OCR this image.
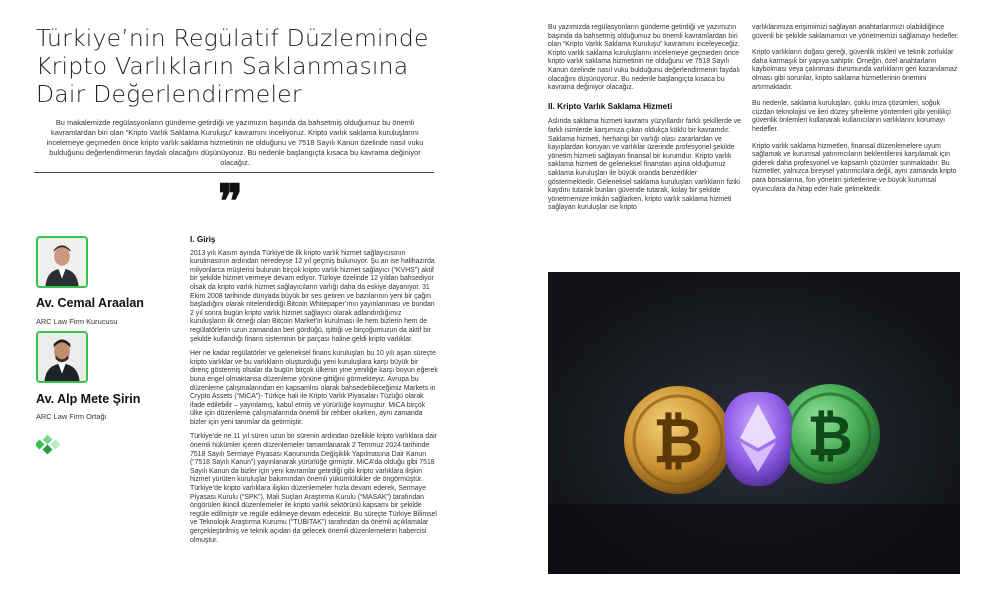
Türkiye’nin Regülatif Düzleminde Kripto Varlıkların Saklanmasına Dair Değerlendirmeler

Bu makalemizde regülasyonların gündeme getirdiği ve yazımızın başında da bahsetmiş olduğumuz bu önemli kavramlardan biri olan “Kripto Varlık Saklama Kuruluşu” kavramını inceliyoruz. Kripto varlık saklama kuruluşlarını incelemeye geçmeden önce kripto varlık saklama hizmetinin ne olduğunu ve 7518 Sayılı Kanun özelinde nasıl vuku bulduğunu değerlendirmenin faydalı olacağını düşünüyoruz. Bu nedenle başlangıçta kısaca bu kavrama değiniyor olacağız.

❞
Av. Cemal Araalan
ARC Law Firm Kurucusu
Av. Alp Mete Şirin
ARC Law Firm Ortağı
I. Giriş

2013 yılı Kasım ayında Türkiye’de ilk kripto varlık hizmet sağlayıcısının kurulmasının ardından neredeyse 12 yıl geçmiş bulunuyor. Şu an ise halihazırda milyonlarca müşterisi bulunan birçok kripto varlık hizmet sağlayıcı (“KVHS”) aktif bir şekilde hizmet vermeye devam ediyor. Türkiye özelinde 12 yıldan bahsediyor olsak da kripto varlık hizmet sağlayıcıların varlığı daha da eskiye dayanıyor. 31 Ekim 2008 tarihinde dünyada büyük bir ses getiren ve bazılarının yeni bir çağın başladığını olarak nitelendirdiği Bitcoin Whitepaper’ının yayınlanması ve bundan 2 yıl sonra bugün kripto varlık hizmet sağlayıcı olarak adlandırdığımız kuruluşların ilk örneği olan Bitcoin Market’in kurulması ile hem bizlerin hem de regülatörlerin uzun zamandan beri gördüğü, işittiği ve birçoğumuzun da aktif bir şekilde kullandığı finans sisteminin bir parçası haline geldi kripto varlıklar.

Her ne kadar regülatörler ve geleneksel finans kuruluşları bu 10 yılı aşan süreçte kripto varlıklar ve bu varlıkların oluşturduğu yeni kuruluşlara karşı büyük bir direnç göstermiş olsalar da bugün birçok ülkenin yine yeniliğe karşı boyun eğerek buna engel olmaktansa düzenleme yönüne gittiğini görmekteyiz. Avrupa bu düzenleme çalışmalarından en kapsamlısı olarak bahsedebileceğimiz Markets in Crypto Assets (“MiCA”)- Türkçe hali ile Kripto Varlık Piyasaları Tüzüğü olarak ifade edilebilir – yayınlamış, kabul etmiş ve yürürlüğe koymuştur. MiCA birçok ülke için düzenleme çalışmalarında önemli bir rehber olurken, aynı zamanda bizler için yeni tanımlar da getirmiştir.

Türkiye’de ne 11 yıl süren uzun bir sürenin ardından özellikle kripto varlıklara dair önemli hükümler içeren düzenlemeler tamamlanarak 2 Temmuz 2024 tarihinde 7518 Sayılı Sermaye Piyasası Kanununda Değişiklik Yapılmasına Dair Kanun (“7518 Sayılı Kanun”) yayınlanarak yürürlüğe girmiştir. MiCA’da olduğu gibi 7518 Sayılı Kanun da bizler için yeni kavramlar getirdiği gibi kripto varlıklara ilişkin hizmet yürüten kuruluşlar bakımından önemli yükümlülükler de öngörmüştür. Türkiye’de kripto varlıklara ilişkin düzenlemeler hızla devam ederek, Sermaye Piyasası Kurulu (“SPK”), Mali Suçları Araştırma Kurulu (“MASAK”) tarafından öngörülen ikincil düzenlemeler ile kripto varlık sektörünü kapsamı bir şekilde regüle edilmiştir ve regüle edilmeye devam edecektir. Bu süreçte Türkiye Bilimsel ve Teknolojik Araştırma Kurumu (“TÜBİTAK”) tarafından da önemli açıklamalar gerçekleştirilmiş ve teknik açıdan da gelecek önemli düzenlemelerin habercisi olmuştur.

Bu yazımızda regülasyonların gündeme getirdiği ve yazımızın başında da bahsetmiş olduğumuz bu önemli kavramlardan biri olan “Kripto Varlık Saklama Kuruluşu” kavramını inceleyeceğiz. Kripto varlık saklama kuruluşlarını incelemeye geçmeden önce kripto varlık saklama hizmetinin ne olduğunu ve 7518 Sayılı Kanun özelinde nasıl vuku bulduğunu değerlendirmenin faydalı olacağını düşünüyoruz. Bu nedenle başlangıçta kısaca bu kavrama değiniyor olacağız.

II. Kripto Varlık Saklama Hizmeti

Aslında saklama hizmeti kavramı yüzyıllardır farklı şekillerde ve farklı isimlerde karşımıza çıkan oldukça köklü bir kavramdır. Saklama hizmeti, herhangi bir varlığı olası zararlardan ve kayıplardan koruyan ve varlıklar üzerinde profesyonel şekilde yönetim hizmeti sağlayan finansal bir kurumdur. Kripto varlık saklama hizmeti de geleneksel finanstan aşina olduğumuz saklama kuruluşları ile büyük oranda benzerlikler göstermektedir. Geleneksel saklama kuruluşları varlıkların fiziki kaydını tutarak bunları güvende tutarak, kolay bir şekilde yönetmemize imkân sağlarken, kripto varlık saklama hizmeti sağlayan kuruluşlar ise kripto

varlıklarımıza erişimimizi sağlayan anahtarlarımızı olabildiğince güvenli bir şekilde saklamamızı ve yönetmemizi sağlamayı hedefler.

Kripto varlıkların doğası gereği, güvenlik riskleri ve teknik zorluklar daha karmaşık bir yapıya sahiptir. Örneğin, özel anahtarların kaybolması veya çalınması durumunda varlıkların geri kazanılamaz olması gibi sorunlar, kripto saklama hizmetlerinin önemini artırmaktadır.

Bu nedenle, saklama kuruluşları, çoklu imza çözümleri, soğuk cüzdan teknolojisi ve ileri düzey şifreleme yöntemleri gibi yenilikçi güvenlik önlemleri kullanarak kullanıcıların varlıklarını korumayı hedefler.

Kripto varlık saklama hizmetleri, finansal düzenlemelere uyum sağlamak ve kurumsal yatırımcıların beklentilerini karşılamak için giderek daha profesyonel ve kapsamlı çözümler sunmaktadır. Bu hizmetler, yalnızca bireysel yatırımcılara değil, aynı zamanda kripto para borsalarına, fon yönetim şirketlerine ve büyük kurumsal oyunculara da hitap eder hale gelmektedir.

₿ ₿
